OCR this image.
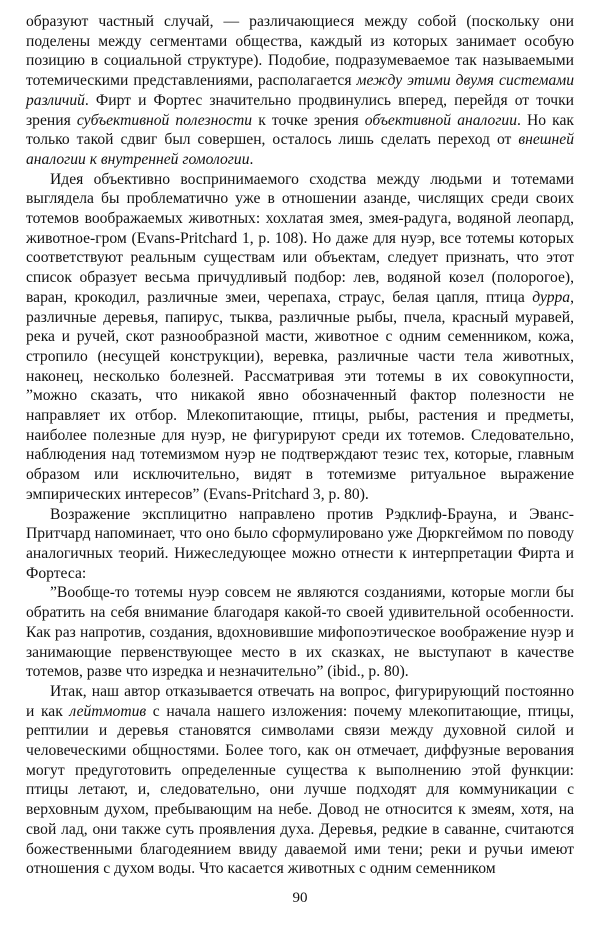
образуют частный случай, — различающиеся между собой (поскольку они поделены между сегментами общества, каждый из которых занимает особую позицию в социальной структуре). Подобие, подразумеваемое так называемыми тотемическими представлениями, располагается между этими двумя системами различий. Фирт и Фортес значительно продвинулись вперед, перейдя от точки зрения субъективной полезности к точке зрения объективной аналогии. Но как только такой сдвиг был совершен, осталось лишь сделать переход от внешней аналогии к внутренней гомологии.

Идея объективно воспринимаемого сходства между людьми и тотемами выглядела бы проблематично уже в отношении азанде, числящих среди своих тотемов воображаемых животных: хохлатая змея, змея-радуга, водяной леопард, животное-гром (Evans-Pritchard 1, p. 108). Но даже для нуэр, все тотемы которых соответствуют реальным существам или объектам, следует признать, что этот список образует весьма причудливый подбор: лев, водяной козел (полорогое), варан, крокодил, различные змеи, черепаха, страус, белая цапля, птица дурра, различные деревья, папирус, тыква, различные рыбы, пчела, красный муравей, река и ручей, скот разнообразной масти, животное с одним семенником, кожа, стропило (несущей конструкции), веревка, различные части тела животных, наконец, несколько болезней. Рассматривая эти тотемы в их совокупности, ”можно сказать, что никакой явно обозначенный фактор полезности не направляет их отбор. Млекопитающие, птицы, рыбы, растения и предметы, наиболее полезные для нуэр, не фигурируют среди их тотемов. Следовательно, наблюдения над тотемизмом нуэр не подтверждают тезис тех, которые, главным образом или исключительно, видят в тотемизме ритуальное выражение эмпирических интересов” (Evans-Pritchard 3, p. 80).

Возражение эксплицитно направлено против Рэдклиф-Брауна, и Эванс-Притчард напоминает, что оно было сформулировано уже Дюркгеймом по поводу аналогичных теорий. Нижеследующее можно отнести к интерпретации Фирта и Фортеса:

”Вообще-то тотемы нуэр совсем не являются созданиями, которые могли бы обратить на себя внимание благодаря какой-то своей удивительной особенности. Как раз напротив, создания, вдохновившие мифопоэтическое воображение нуэр и занимающие первенствующее место в их сказках, не выступают в качестве тотемов, разве что изредка и незначительно” (ibid., p. 80).

Итак, наш автор отказывается отвечать на вопрос, фигурирующий постоянно и как лейтмотив с начала нашего изложения: почему млекопитающие, птицы, рептилии и деревья становятся символами связи между духовной силой и человеческими общностями. Более того, как он отмечает, диффузные верования могут предуготовить определенные существа к выполнению этой функции: птицы летают, и, следовательно, они лучше подходят для коммуникации с верховным духом, пребывающим на небе. Довод не относится к змеям, хотя, на свой лад, они также суть проявления духа. Деревья, редкие в саванне, считаются божественными благодеянием ввиду даваемой ими тени; реки и ручьи имеют отношения с духом воды. Что касается животных с одним семенником

90
